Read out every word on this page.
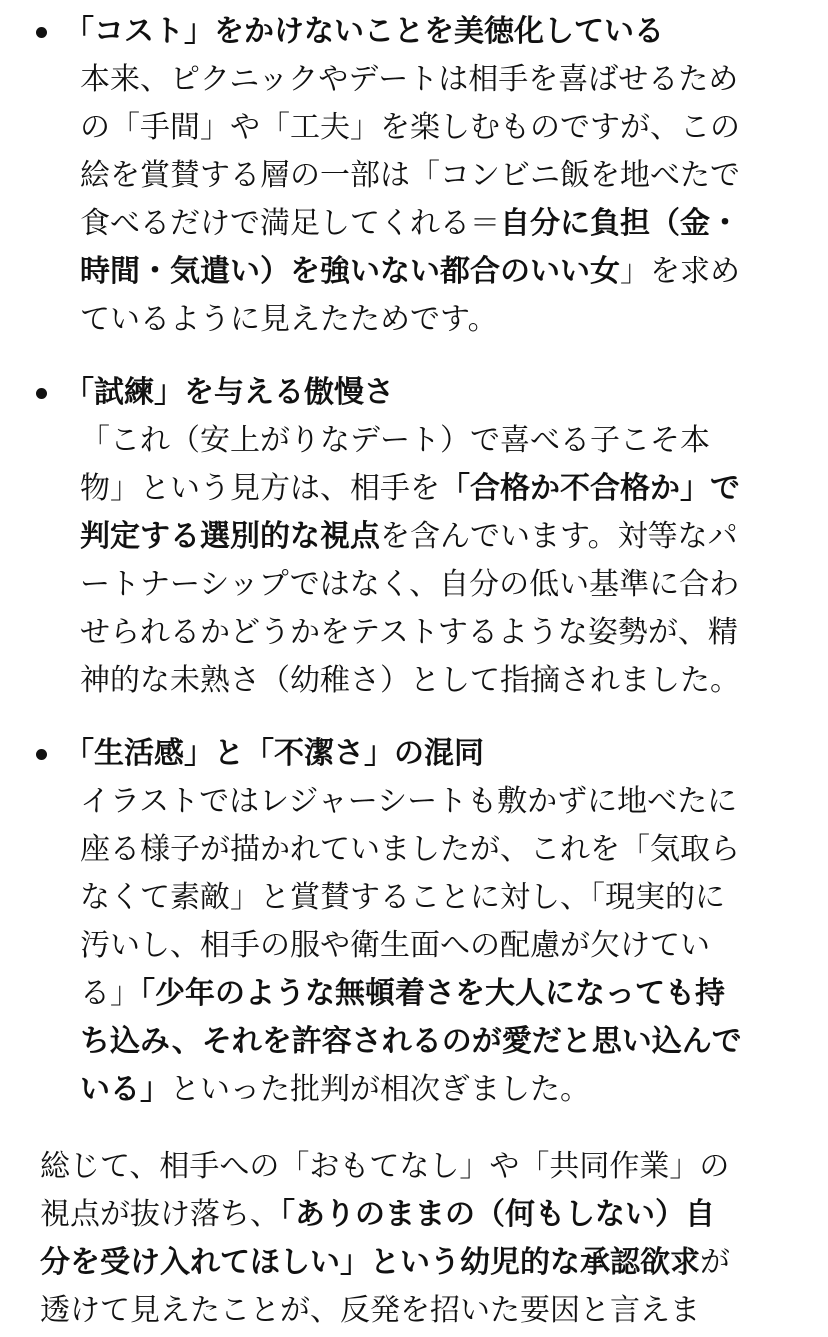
「コスト」をかけないことを美徳化している
本来、ピクニックやデートは相手を喜ばせるため
の「手間」や「工夫」を楽しむものですが、この
絵を賞賛する層の一部は「コンビニ飯を地べたで
食べるだけで満足してくれる＝自分に負担（金・
時間・気遣い）を強いない都合のいい女」を求め
ているように見えたためです。
「試練」を与える傲慢さ
「これ（安上がりなデート）で喜べる子こそ本
物」という見方は、相手を「合格か不合格か」で
判定する選別的な視点を含んでいます。対等なパ
ートナーシップではなく、自分の低い基準に合わ
せられるかどうかをテストするような姿勢が、精
神的な未熟さ（幼稚さ）として指摘されました。
「生活感」と「不潔さ」の混同
イラストではレジャーシートも敷かずに地べたに
座る様子が描かれていましたが、これを「気取ら
なくて素敵」と賞賛することに対し、「現実的に
汚いし、相手の服や衛生面への配慮が欠けてい
る」「少年のような無頓着さを大人になっても持
ち込み、それを許容されるのが愛だと思い込んで
いる」といった批判が相次ぎました。
総じて、相手への「おもてなし」や「共同作業」の
視点が抜け落ち、「ありのままの（何もしない）自
分を受け入れてほしい」という幼児的な承認欲求が
透けて見えたことが、反発を招いた要因と言えま
